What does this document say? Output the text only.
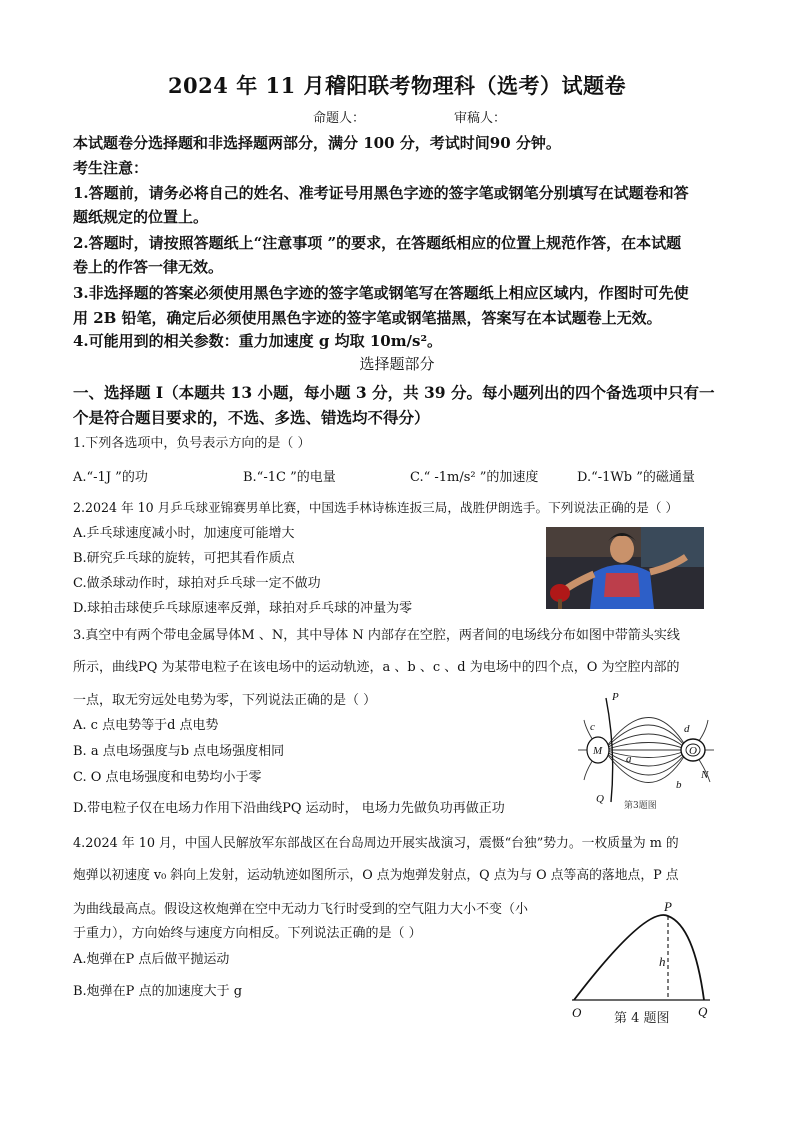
2024 年 11 月稽阳联考物理科（选考）试题卷
命题人：	审稿人：
本试题卷分选择题和非选择题两部分，满分 100 分，考试时间90 分钟。
考生注意：
1.答题前，请务必将自己的姓名、准考证号用黑色字迹的签字笔或钢笔分别填写在试题卷和答
题纸规定的位置上。
2.答题时，请按照答题纸上“注意事项 ”的要求，在答题纸相应的位置上规范作答，在本试题
卷上的作答一律无效。
3.非选择题的答案必须使用黑色字迹的签字笔或钢笔写在答题纸上相应区域内，作图时可先使
用 2B 铅笔，确定后必须使用黑色字迹的签字笔或钢笔描黑，答案写在本试题卷上无效。
4.可能用到的相关参数：重力加速度 g 均取 10m/s²。
选择题部分
一、选择题 Ⅰ（本题共 13 小题，每小题 3 分，共 39 分。每小题列出的四个备选项中只有一
个是符合题目要求的，不选、多选、错选均不得分）
1.下列各选项中，负号表示方向的是（ ）
A.“-1J ”的功	B.“-1C ”的电量	C.“ -1m/s² ”的加速度	D.“-1Wb ”的磁通量
2.2024 年 10 月乒乓球亚锦赛男单比赛，中国选手林诗栋连扳三局，战胜伊朗选手。下列说法正确的是（ ）
A.乒乓球速度减小时，加速度可能增大
B.研究乒乓球的旋转，可把其看作质点
C.做杀球动作时，球拍对乒乓球一定不做功
D.球拍击球使乒乓球原速率反弹，球拍对乒乓球的冲量为零
3.真空中有两个带电金属导体M 、N，其中导体 N 内部存在空腔，两者间的电场线分布如图中带箭头实线
所示，曲线PQ 为某带电粒子在该电场中的运动轨迹，a 、b 、c 、d 为电场中的四个点，O 为空腔内部的
一点，取无穷远处电势为零，下列说法正确的是（ ）
A. c 点电势等于d 点电势
B. a 点电场强度与b 点电场强度相同
C. O 点电场强度和电势均小于零
D.带电粒子仅在电场力作用下沿曲线PQ 运动时， 电场力先做负功再做正功
P
c	d
M
a
O
N
b
Q
第3题图
4.2024 年 10 月，中国人民解放军东部战区在台岛周边开展实战演习，震慑“台独”势力。一枚质量为 m 的
炮弹以初速度 v₀ 斜向上发射，运动轨迹如图所示，O 点为炮弹发射点，Q 点为与 O 点等高的落地点，P 点
为曲线最高点。假设这枚炮弹在空中无动力飞行时受到的空气阻力大小不变（小
于重力），方向始终与速度方向相反。下列说法正确的是（ ）
A.炮弹在P 点后做平抛运动
B.炮弹在P 点的加速度大于 g
P
h
O	Q
第 4 题图
